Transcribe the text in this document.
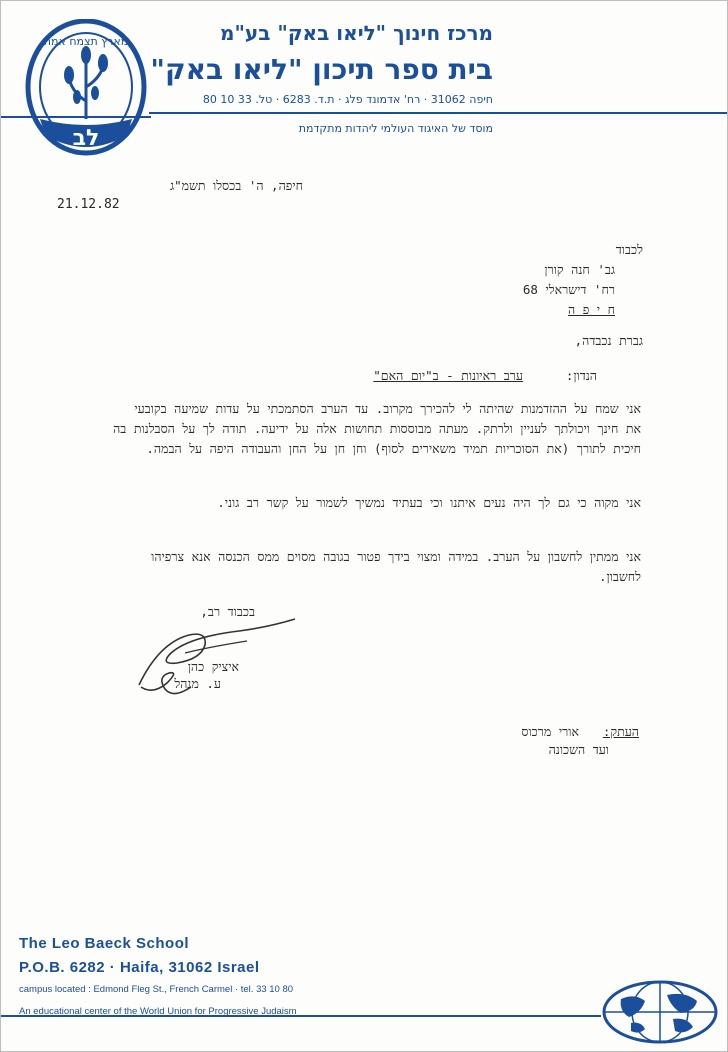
מארץ תצמח אמת
לב
מרכז חינוך "ליאו באק" בע"מ
בית ספר תיכון "ליאו באק"
חיפה 31062 · רח' אדמונד פלג · ת.ד. 6283 · טל. 33 10 80
מוסד של האיגוד העולמי ליהדות מתקדמת
חיפה, ה' בכסלו תשמ"ג
21.12.82
לכבוד
גב' חנה קורן
רח' דישראלי 68
ח י פ ה
גברת נכבדה,
הנדון:
ערב ראיונות - ב"יום האם"
אני שמח על ההזדמנות שהיתה לי להכירך מקרוב. עד הערב הסתמכתי על עדות שמיעה בקובעי את חינך ויכולתך לעניין ולרתק. מעתה מבוססות תחושות אלה על ידיעה. תודה לך על הסבלנות בה חיכית לתורך (את הסוכריות תמיד משאירים לסוף) וחן חן על החן והעבודה היפה על הבמה.
אני מקוה כי גם לך היה נעים איתנו וכי בעתיד נמשיך לשמור על קשר רב גוני.
אני ממתין לחשבון על הערב. במידה ומצוי בידך פטור בגובה מסוים ממס הכנסה אנא צרפיהו לחשבון.
בכבוד רב,
איציק כהן
ע. מנהל
העתק:
אורי מרכוס
ועד השכונה
The Leo Baeck School
P.O.B. 6282 · Haifa, 31062 Israel
campus located : Edmond Fleg St., French Carmel · tel. 33 10 80
An educational center of the World Union for Progressive Judaism
